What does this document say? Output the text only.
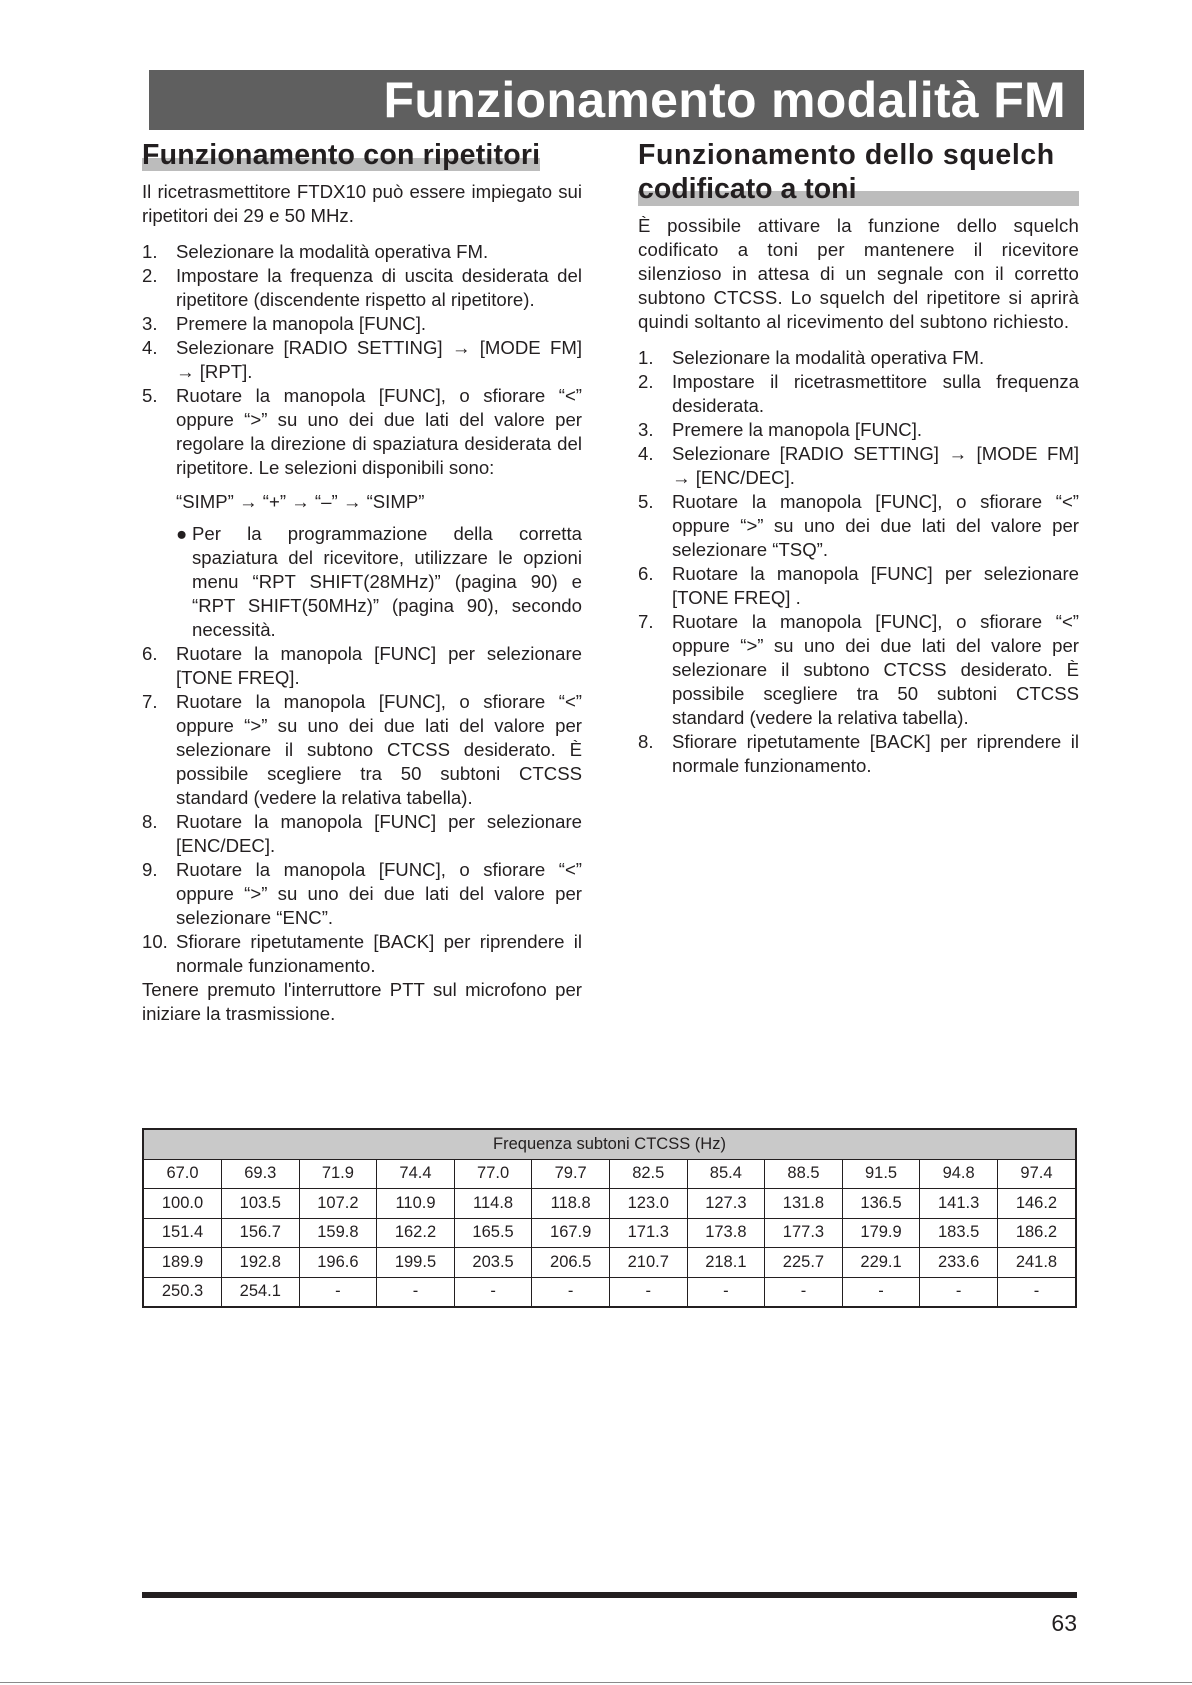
Funzionamento modalità FM
Funzionamento con ripetitori

Il ricetrasmettitore FTDX10 può essere impiegato sui ripetitori dei 29 e 50 MHz.

1. Selezionare la modalità operativa FM.
2. Impostare la frequenza di uscita desiderata del ripetitore (discendente rispetto al ripetitore).
3. Premere la manopola [FUNC].
4. Selezionare [RADIO SETTING] → [MODE FM] → [RPT].
5. Ruotare la manopola [FUNC], o sfiorare “<” oppure “>” su uno dei due lati del valore per regolare la direzione di spaziatura desiderata del ripetitore. Le selezioni disponibili sono:
“SIMP” → “+” → “–” → “SIMP”
● Per la programmazione della corretta spaziatura del ricevitore, utilizzare le opzioni menu “RPT SHIFT(28MHz)” (pagina 90) e “RPT SHIFT(50MHz)” (pagina 90), secondo necessità.
6. Ruotare la manopola [FUNC] per selezionare [TONE FREQ].
7. Ruotare la manopola [FUNC], o sfiorare “<” oppure “>” su uno dei due lati del valore per selezionare il subtono CTCSS desiderato. È possibile scegliere tra 50 subtoni CTCSS standard (vedere la relativa tabella).
8. Ruotare la manopola [FUNC] per selezionare [ENC/DEC].
9. Ruotare la manopola [FUNC], o sfiorare “<” oppure “>” su uno dei due lati del valore per selezionare “ENC”.
10. Sfiorare ripetutamente [BACK] per riprendere il normale funzionamento.

Tenere premuto l'interruttore PTT sul microfono per iniziare la trasmissione.

Funzionamento dello squelch
codificato a toni

È possibile attivare la funzione dello squelch codificato a toni per mantenere il ricevitore silenzioso in attesa di un segnale con il corretto subtono CTCSS. Lo squelch del ripetitore si aprirà quindi soltanto al ricevimento del subtono richiesto.

1. Selezionare la modalità operativa FM.
2. Impostare il ricetrasmettitore sulla frequenza desiderata.
3. Premere la manopola [FUNC].
4. Selezionare [RADIO SETTING] → [MODE FM] → [ENC/DEC].
5. Ruotare la manopola [FUNC], o sfiorare “<” oppure “>” su uno dei due lati del valore per selezionare “TSQ”.
6. Ruotare la manopola [FUNC] per selezionare [TONE FREQ] .
7. Ruotare la manopola [FUNC], o sfiorare “<” oppure “>” su uno dei due lati del valore per selezionare il subtono CTCSS desiderato. È possibile scegliere tra 50 subtoni CTCSS standard (vedere la relativa tabella).
8. Sfiorare ripetutamente [BACK] per riprendere il normale funzionamento.
Frequenza subtoni CTCSS (Hz)											
67.0	69.3	71.9	74.4	77.0	79.7	82.5	85.4	88.5	91.5	94.8	97.4
100.0	103.5	107.2	110.9	114.8	118.8	123.0	127.3	131.8	136.5	141.3	146.2
151.4	156.7	159.8	162.2	165.5	167.9	171.3	173.8	177.3	179.9	183.5	186.2
189.9	192.8	196.6	199.5	203.5	206.5	210.7	218.1	225.7	229.1	233.6	241.8
250.3	254.1	-	-	-	-	-	-	-	-	-	-
63
